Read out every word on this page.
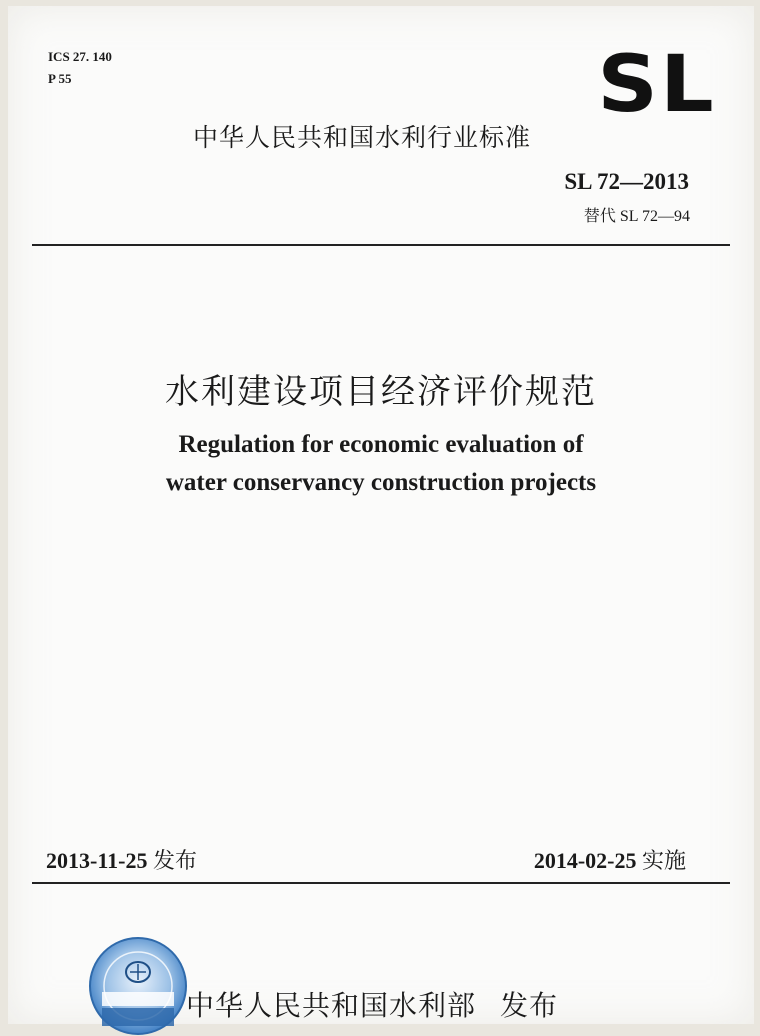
ICS 27. 140
P 55	SL
中华人民共和国水利行业标准
SL 72—2013
替代 SL 72—94
水利建设项目经济评价规范
Regulation for economic evaluation of
water conservancy construction projects
2013-11-25 发布	2014-02-25 实施
中华人民共和国水利部 发布
